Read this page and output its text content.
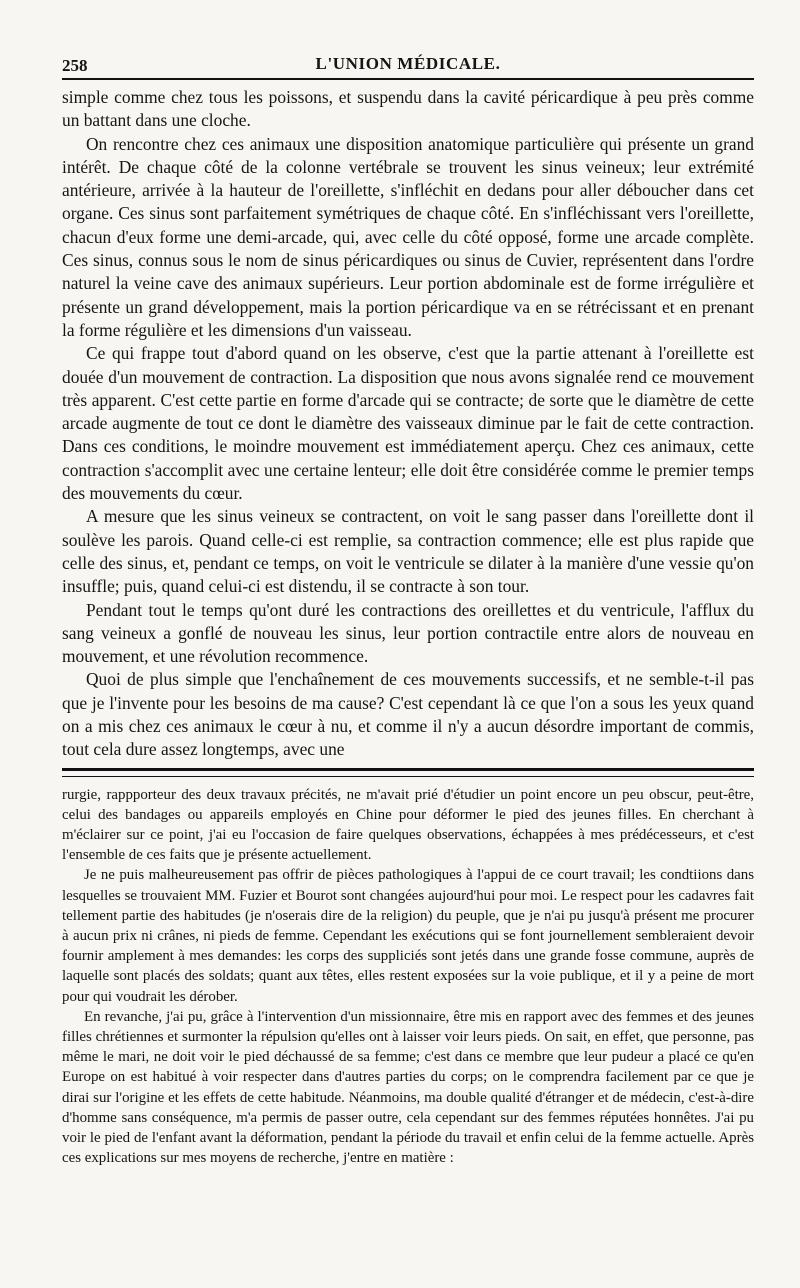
258	L'UNION MÉDICALE.

simple comme chez tous les poissons, et suspendu dans la cavité péricardique à peu près comme un battant dans une cloche.

On rencontre chez ces animaux une disposition anatomique particulière qui présente un grand intérêt. De chaque côté de la colonne vertébrale se trouvent les sinus veineux; leur extrémité antérieure, arrivée à la hauteur de l'oreillette, s'infléchit en dedans pour aller déboucher dans cet organe. Ces sinus sont parfaitement symétriques de chaque côté. En s'infléchissant vers l'oreillette, chacun d'eux forme une demi-arcade, qui, avec celle du côté opposé, forme une arcade complète. Ces sinus, connus sous le nom de sinus péricardiques ou sinus de Cuvier, représentent dans l'ordre naturel la veine cave des animaux supérieurs. Leur portion abdominale est de forme irrégulière et présente un grand développement, mais la portion péricardique va en se rétrécissant et en prenant la forme régulière et les dimensions d'un vaisseau.

Ce qui frappe tout d'abord quand on les observe, c'est que la partie attenant à l'oreillette est douée d'un mouvement de contraction. La disposition que nous avons signalée rend ce mouvement très apparent. C'est cette partie en forme d'arcade qui se contracte; de sorte que le diamètre de cette arcade augmente de tout ce dont le diamètre des vaisseaux diminue par le fait de cette contraction. Dans ces conditions, le moindre mouvement est immédiatement aperçu. Chez ces animaux, cette contraction s'accomplit avec une certaine lenteur; elle doit être considérée comme le premier temps des mouvements du cœur.

A mesure que les sinus veineux se contractent, on voit le sang passer dans l'oreillette dont il soulève les parois. Quand celle-ci est remplie, sa contraction commence; elle est plus rapide que celle des sinus, et, pendant ce temps, on voit le ventricule se dilater à la manière d'une vessie qu'on insuffle; puis, quand celui-ci est distendu, il se contracte à son tour.

Pendant tout le temps qu'ont duré les contractions des oreillettes et du ventricule, l'afflux du sang veineux a gonflé de nouveau les sinus, leur portion contractile entre alors de nouveau en mouvement, et une révolution recommence.

Quoi de plus simple que l'enchaînement de ces mouvements successifs, et ne semble-t-il pas que je l'invente pour les besoins de ma cause? C'est cependant là ce que l'on a sous les yeux quand on a mis chez ces animaux le cœur à nu, et comme il n'y a aucun désordre important de commis, tout cela dure assez longtemps, avec une

rurgie, rappporteur des deux travaux précités, ne m'avait prié d'étudier un point encore un peu obscur, peut-être, celui des bandages ou appareils employés en Chine pour déformer le pied des jeunes filles. En cherchant à m'éclairer sur ce point, j'ai eu l'occasion de faire quelques observations, échappées à mes prédécesseurs, et c'est l'ensemble de ces faits que je présente actuellement.

Je ne puis malheureusement pas offrir de pièces pathologiques à l'appui de ce court travail; les condtiions dans lesquelles se trouvaient MM. Fuzier et Bourot sont changées aujourd'hui pour moi. Le respect pour les cadavres fait tellement partie des habitudes (je n'oserais dire de la religion) du peuple, que je n'ai pu jusqu'à présent me procurer à aucun prix ni crânes, ni pieds de femme. Cependant les exécutions qui se font journellement sembleraient devoir fournir amplement à mes demandes: les corps des suppliciés sont jetés dans une grande fosse commune, auprès de laquelle sont placés des soldats; quant aux têtes, elles restent exposées sur la voie publique, et il y a peine de mort pour qui voudrait les dérober.

En revanche, j'ai pu, grâce à l'intervention d'un missionnaire, être mis en rapport avec des femmes et des jeunes filles chrétiennes et surmonter la répulsion qu'elles ont à laisser voir leurs pieds. On sait, en effet, que personne, pas même le mari, ne doit voir le pied déchaussé de sa femme; c'est dans ce membre que leur pudeur a placé ce qu'en Europe on est habitué à voir respecter dans d'autres parties du corps; on le comprendra facilement par ce que je dirai sur l'origine et les effets de cette habitude. Néanmoins, ma double qualité d'étranger et de médecin, c'est-à-dire d'homme sans conséquence, m'a permis de passer outre, cela cependant sur des femmes réputées honnêtes. J'ai pu voir le pied de l'enfant avant la déformation, pendant la période du travail et enfin celui de la femme actuelle. Après ces explications sur mes moyens de recherche, j'entre en matière :
